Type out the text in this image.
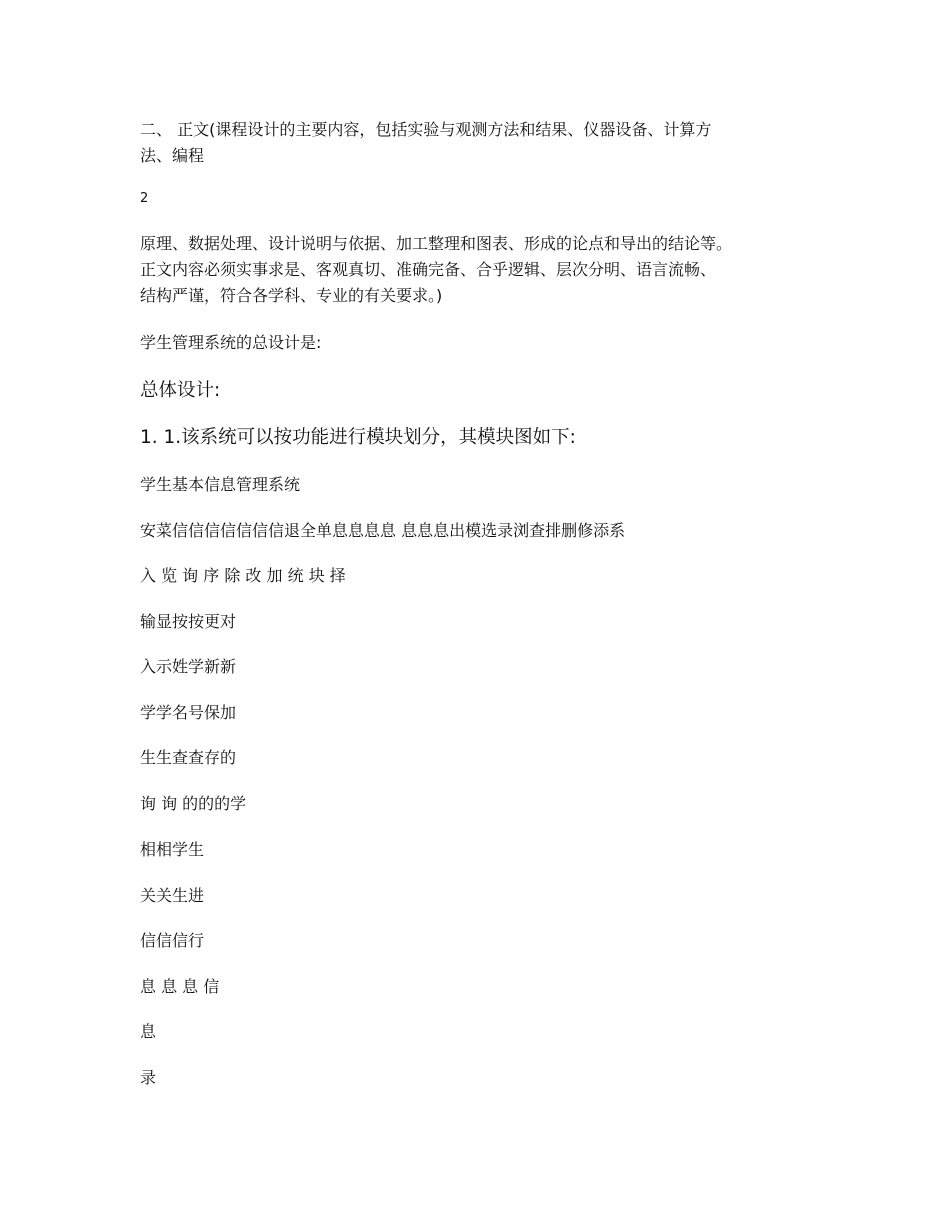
二、 正文(课程设计的主要内容，包括实验与观测方法和结果、仪器设备、计算方
法、编程
2
原理、数据处理、设计说明与依据、加工整理和图表、形成的论点和导出的结论等。
正文内容必须实事求是、客观真切、准确完备、合乎逻辑、层次分明、语言流畅、
结构严谨，符合各学科、专业的有关要求。)
学生管理系统的总设计是:
总体设计:
1. 1.该系统可以按功能进行模块划分，其模块图如下:
学生基本信息管理系统
安菜信信信信信信信退全单息息息息 息息息出模选录浏查排删修添系
入 览 询 序 除 改 加 统 块 择
输显按按更对
入示姓学新新
学学名号保加
生生查查存的
询 询 的的的学
相相学生
关关生进
信信信行
息 息 息 信
息
录
